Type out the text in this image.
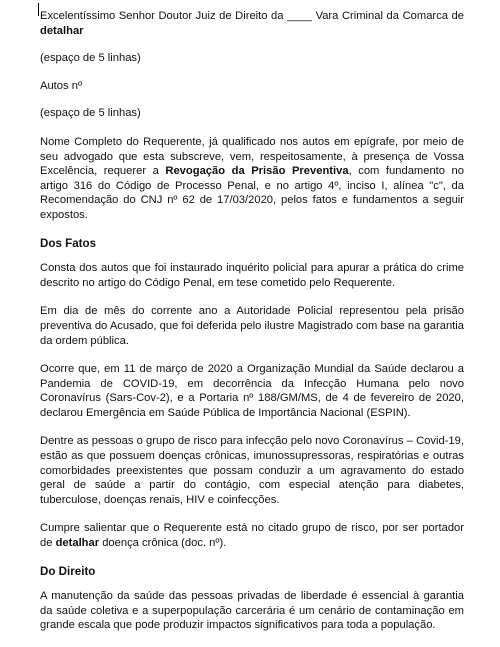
Excelentíssimo Senhor Doutor Juiz de Direito da ____ Vara Criminal da Comarca de detalhar

(espaço de 5 linhas)

Autos nº

(espaço de 5 linhas)

Nome Completo do Requerente, já qualificado nos autos em epígrafe, por meio de seu advogado que esta subscreve, vem, respeitosamente, à presença de Vossa Excelência, requerer a Revogação da Prisão Preventiva, com fundamento no artigo 316 do Código de Processo Penal, e no artigo 4º, inciso I, alínea "c", da Recomendação do CNJ nº 62 de 17/03/2020, pelos fatos e fundamentos a seguir expostos.

Dos Fatos

Consta dos autos que foi instaurado inquérito policial para apurar a prática do crime descrito no artigo do Código Penal, em tese cometido pelo Requerente.

Em dia de mês do corrente ano a Autoridade Policial representou pela prisão preventiva do Acusado, que foi deferida pelo ilustre Magistrado com base na garantia da ordem pública.

Ocorre que, em 11 de março de 2020 a Organização Mundial da Saúde declarou a Pandemia de COVID-19, em decorrência da Infecção Humana pelo novo Coronavírus (Sars-Cov-2), e a Portaria nº 188/GM/MS, de 4 de fevereiro de 2020, declarou Emergência em Saúde Pública de Importância Nacional (ESPIN).

Dentre as pessoas o grupo de risco para infecção pelo novo Coronavírus – Covid-19, estão as que possuem doenças crônicas, imunossupressoras, respiratórias e outras comorbidades preexistentes que possam conduzir a um agravamento do estado geral de saúde a partir do contágio, com especial atenção para diabetes, tuberculose, doenças renais, HIV e coinfecções.

Cumpre salientar que o Requerente está no citado grupo de risco, por ser portador de detalhar doença crônica (doc. nº).

Do Direito

A manutenção da saúde das pessoas privadas de liberdade é essencial à garantia da saúde coletiva e a superpopulação carcerária é um cenário de contaminação em grande escala que pode produzir impactos significativos para toda a população.
